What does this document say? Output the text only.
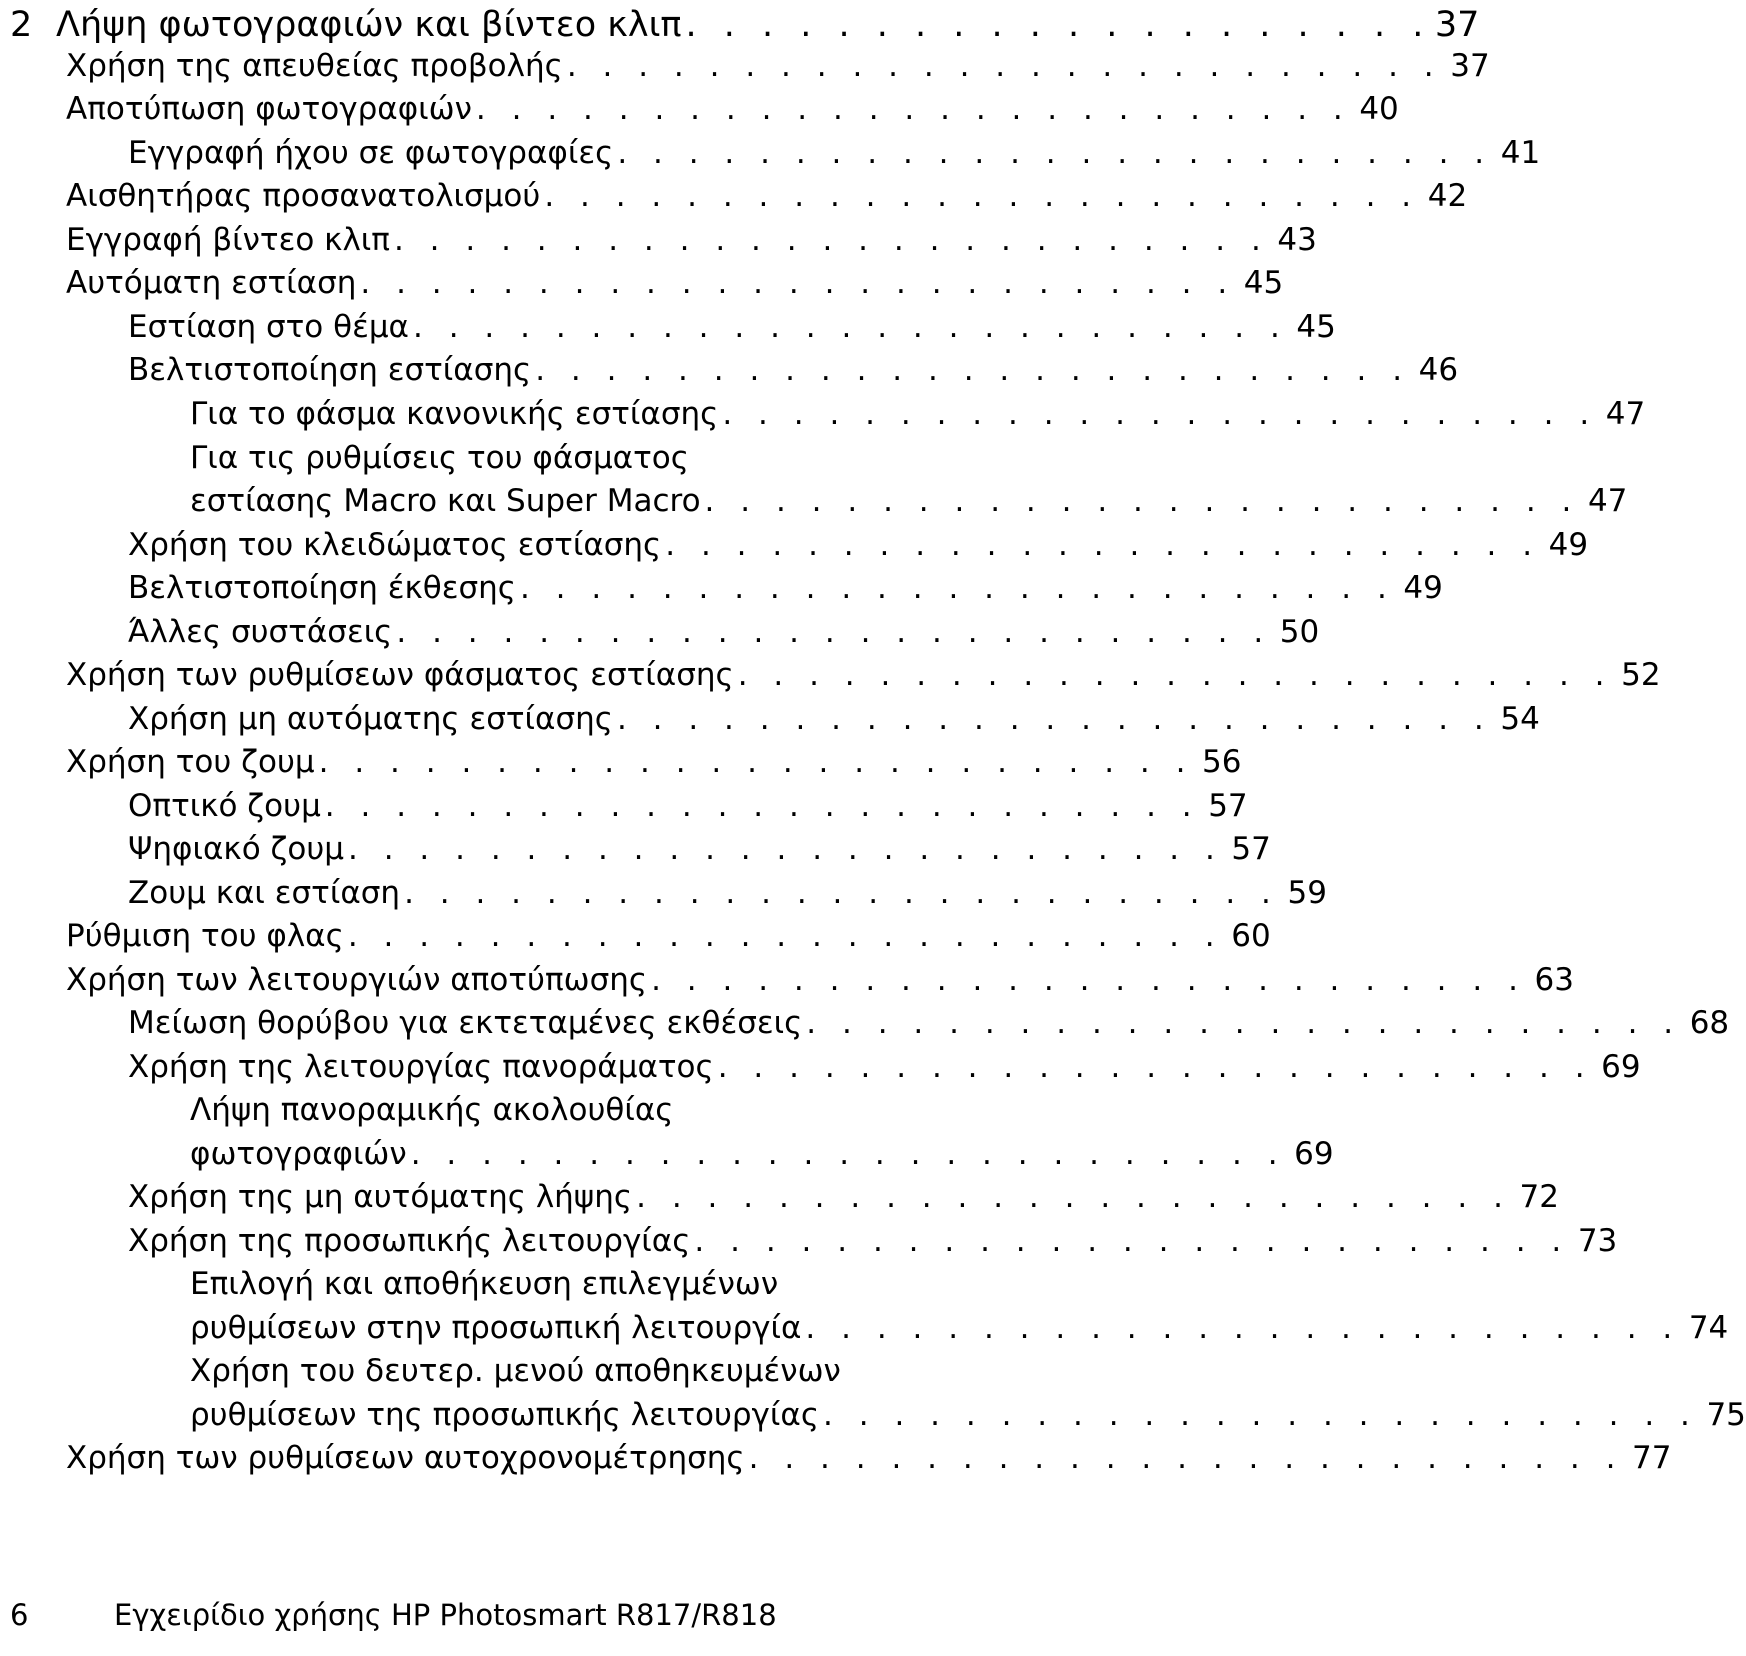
2 Λήψη φωτογραφιών και βίντεο κλιπ . . . . . . . . . . . . . . . . . . . . 37
Χρήση της απευθείας προβολής . . . . . . . . . . . . . . . . . . . . . . . . . 37
Αποτύπωση φωτογραφιών . . . . . . . . . . . . . . . . . . . . . . . . . 40
Εγγραφή ήχου σε φωτογραφίες . . . . . . . . . . . . . . . . . . . . . . . . . 41
Αισθητήρας προσανατολισμού . . . . . . . . . . . . . . . . . . . . . . . . . 42
Εγγραφή βίντεο κλιπ . . . . . . . . . . . . . . . . . . . . . . . . . 43
Αυτόματη εστίαση . . . . . . . . . . . . . . . . . . . . . . . . . 45
Εστίαση στο θέμα . . . . . . . . . . . . . . . . . . . . . . . . . 45
Βελτιστοποίηση εστίασης . . . . . . . . . . . . . . . . . . . . . . . . . 46
Για το φάσμα κανονικής εστίασης . . . . . . . . . . . . . . . . . . . . . . . . . 47
Για τις ρυθμίσεις του φάσματος
εστίασης Macro και Super Macro . . . . . . . . . . . . . . . . . . . . . . . . . 47
Χρήση του κλειδώματος εστίασης . . . . . . . . . . . . . . . . . . . . . . . . . 49
Βελτιστοποίηση έκθεσης . . . . . . . . . . . . . . . . . . . . . . . . . 49
Άλλες συστάσεις . . . . . . . . . . . . . . . . . . . . . . . . . 50
Χρήση των ρυθμίσεων φάσματος εστίασης . . . . . . . . . . . . . . . . . . . . . . . . . 52
Χρήση μη αυτόματης εστίασης . . . . . . . . . . . . . . . . . . . . . . . . . 54
Χρήση του ζουμ . . . . . . . . . . . . . . . . . . . . . . . . . 56
Οπτικό ζουμ . . . . . . . . . . . . . . . . . . . . . . . . . 57
Ψηφιακό ζουμ . . . . . . . . . . . . . . . . . . . . . . . . . 57
Ζουμ και εστίαση . . . . . . . . . . . . . . . . . . . . . . . . . 59
Ρύθμιση του φλας . . . . . . . . . . . . . . . . . . . . . . . . . 60
Χρήση των λειτουργιών αποτύπωσης . . . . . . . . . . . . . . . . . . . . . . . . . 63
Μείωση θορύβου για εκτεταμένες εκθέσεις . . . . . . . . . . . . . . . . . . . . . . . . . 68
Χρήση της λειτουργίας πανοράματος . . . . . . . . . . . . . . . . . . . . . . . . . 69
Λήψη πανοραμικής ακολουθίας
φωτογραφιών . . . . . . . . . . . . . . . . . . . . . . . . . 69
Χρήση της μη αυτόματης λήψης . . . . . . . . . . . . . . . . . . . . . . . . . 72
Χρήση της προσωπικής λειτουργίας . . . . . . . . . . . . . . . . . . . . . . . . . 73
Επιλογή και αποθήκευση επιλεγμένων
ρυθμίσεων στην προσωπική λειτουργία . . . . . . . . . . . . . . . . . . . . . . . . . 74
Χρήση του δευτερ. μενού αποθηκευμένων
ρυθμίσεων της προσωπικής λειτουργίας . . . . . . . . . . . . . . . . . . . . . . . . . 75
Χρήση των ρυθμίσεων αυτοχρονομέτρησης . . . . . . . . . . . . . . . . . . . . . . . . . 77
6	Εγχειρίδιο χρήσης HP Photosmart R817/R818
